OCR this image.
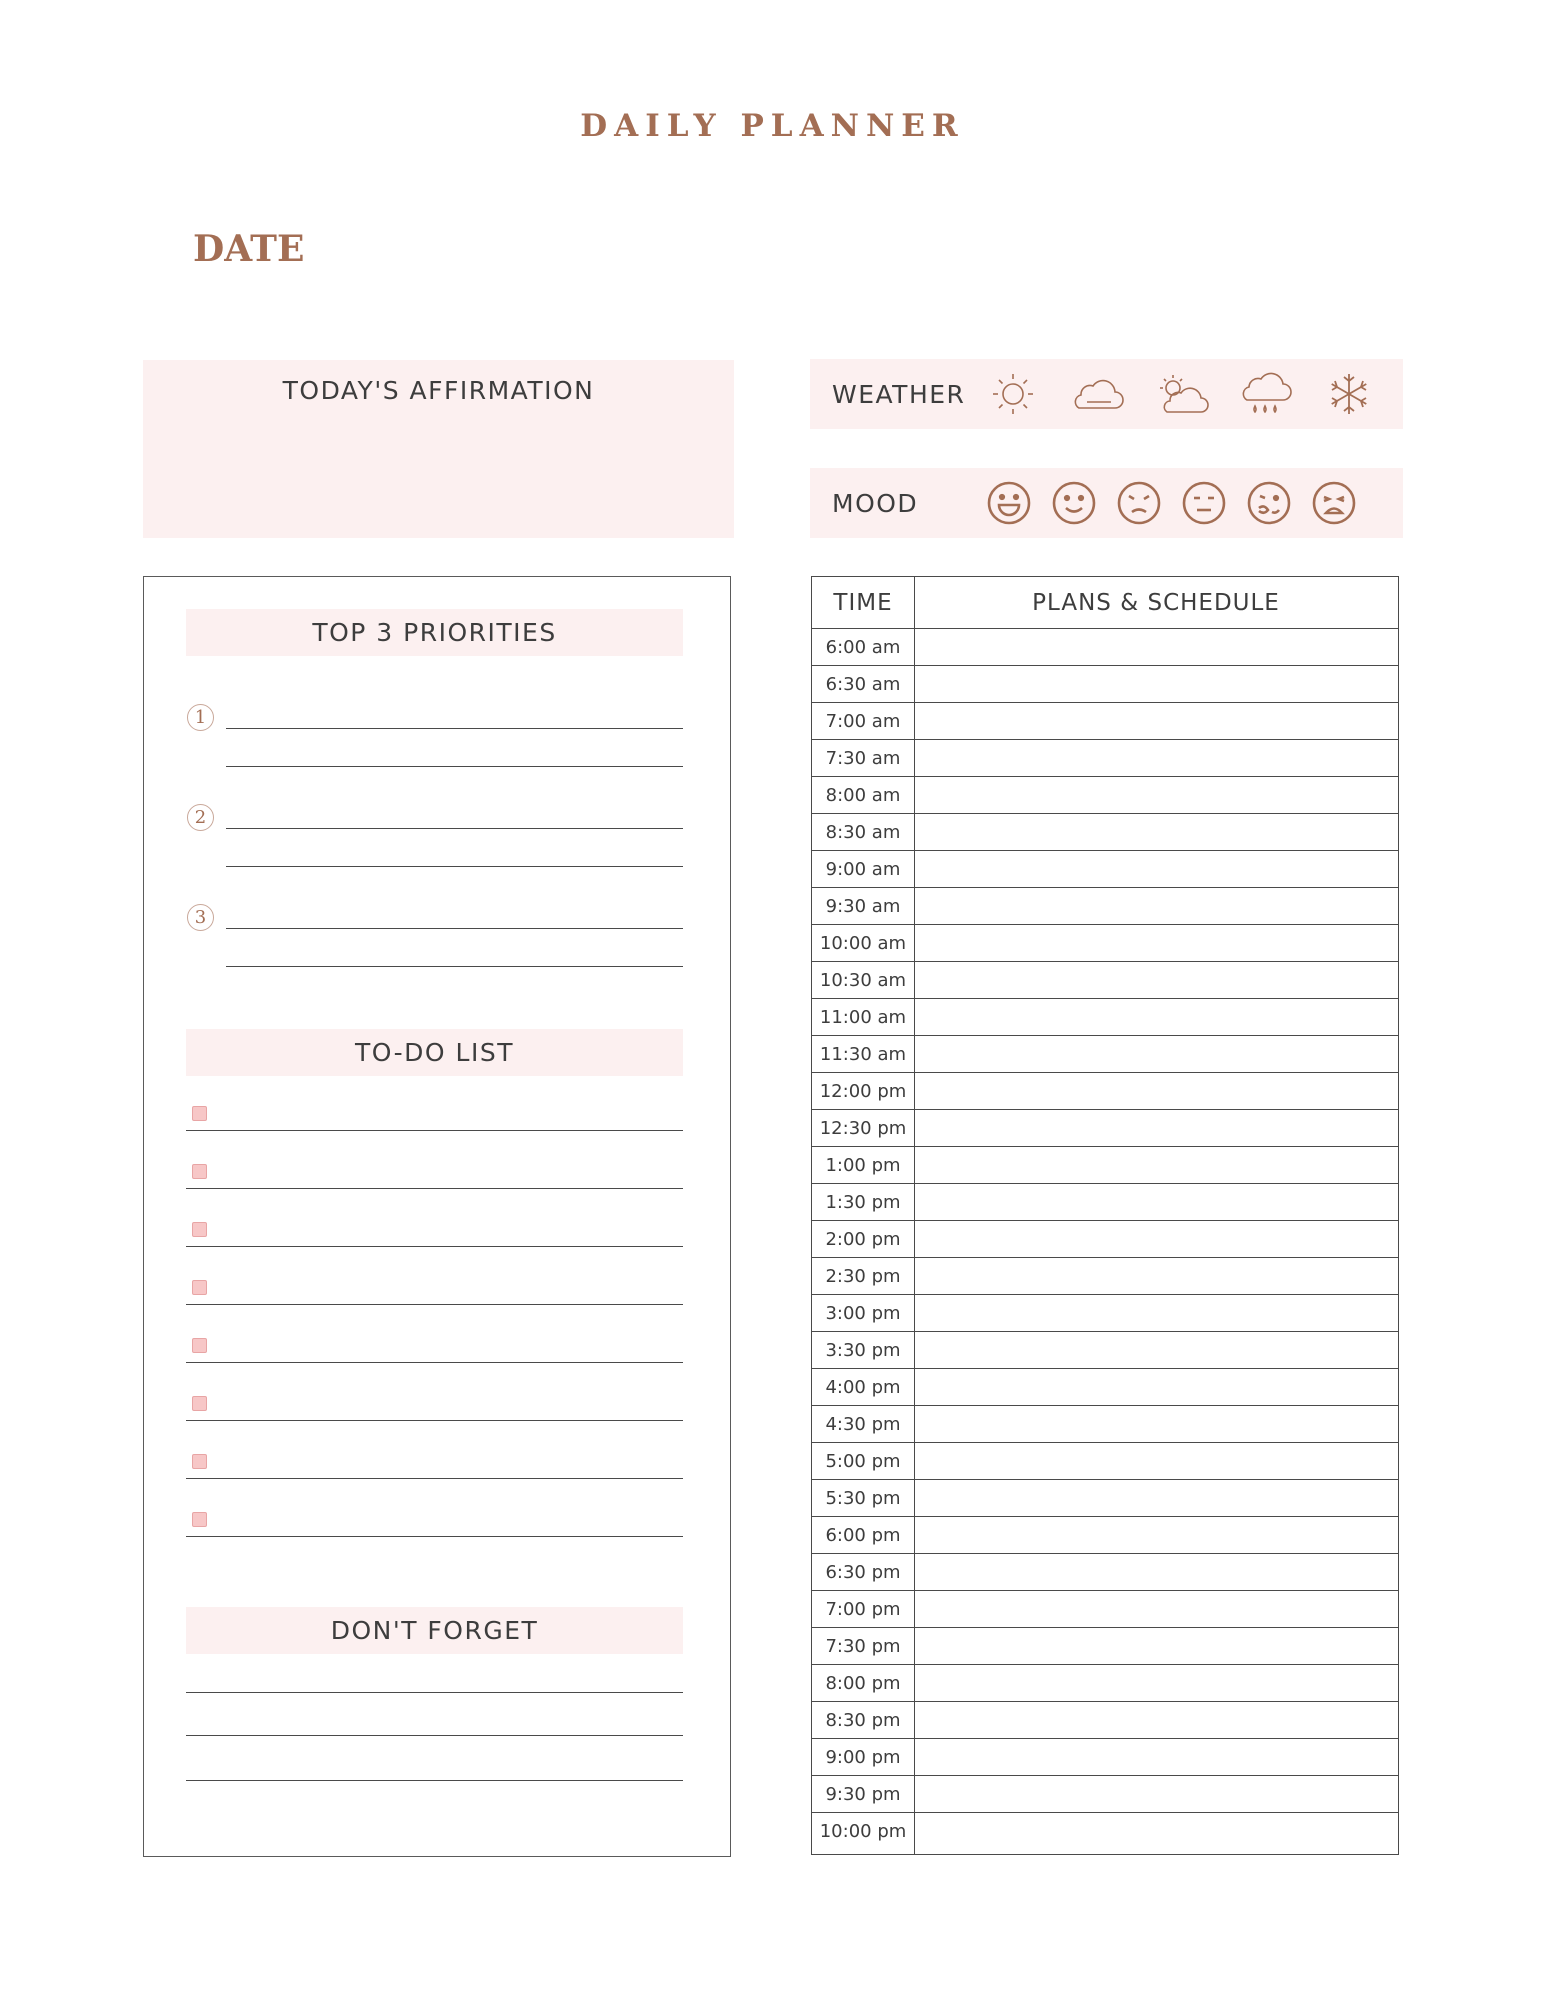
DAILY PLANNER
DATE
TODAY'S AFFIRMATION	WEATHER
MOOD
TOP 3 PRIORITIES
1
2
3
TO-DO LIST
DON'T FORGET
TIME	PLANS & SCHEDULE
6:00 am
6:30 am
7:00 am
7:30 am
8:00 am
8:30 am
9:00 am
9:30 am
10:00 am
10:30 am
11:00 am
11:30 am
12:00 pm
12:30 pm
1:00 pm
1:30 pm
2:00 pm
2:30 pm
3:00 pm
3:30 pm
4:00 pm
4:30 pm
5:00 pm
5:30 pm
6:00 pm
6:30 pm
7:00 pm
7:30 pm
8:00 pm
8:30 pm
9:00 pm
9:30 pm
10:00 pm
